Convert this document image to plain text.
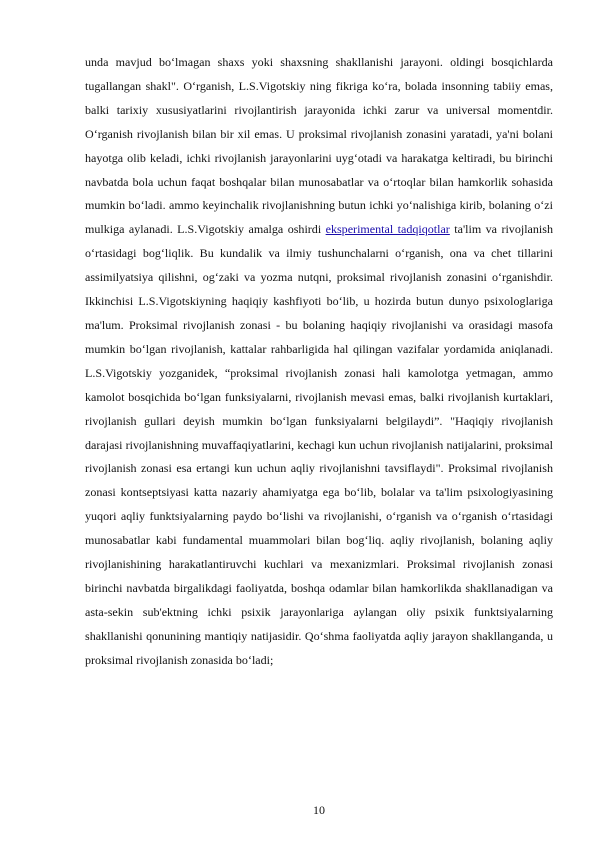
unda mavjud bo‘lmagan shaxs yoki shaxsning shakllanishi jarayoni. oldingi bosqichlarda tugallangan shakl". O‘rganish, L.S.Vigotskiy ning fikriga ko‘ra, bolada insonning tabiiy emas, balki tarixiy xususiyatlarini rivojlantirish jarayonida ichki zarur va universal momentdir. O‘rganish rivojlanish bilan bir xil emas. U proksimal rivojlanish zonasini yaratadi, ya'ni bolani hayotga olib keladi, ichki rivojlanish jarayonlarini uyg‘otadi va harakatga keltiradi, bu birinchi navbatda bola uchun faqat boshqalar bilan munosabatlar va o‘rtoqlar bilan hamkorlik sohasida mumkin bo‘ladi. ammo keyinchalik rivojlanishning butun ichki yo‘nalishiga kirib, bolaning o‘zi mulkiga aylanadi. L.S.Vigotskiy amalga oshirdi eksperimental tadqiqotlar ta'lim va rivojlanish o‘rtasidagi bog‘liqlik. Bu kundalik va ilmiy tushunchalarni o‘rganish, ona va chet tillarini assimilyatsiya qilishni, og‘zaki va yozma nutqni, proksimal rivojlanish zonasini o‘rganishdir. Ikkinchisi L.S.Vigotskiyning haqiqiy kashfiyoti bo‘lib, u hozirda butun dunyo psixologlariga ma'lum. Proksimal rivojlanish zonasi - bu bolaning haqiqiy rivojlanishi va orasidagi masofa mumkin bo‘lgan rivojlanish, kattalar rahbarligida hal qilingan vazifalar yordamida aniqlanadi. L.S.Vigotskiy yozganidek, “proksimal rivojlanish zonasi hali kamolotga yetmagan, ammo kamolot bosqichida bo‘lgan funksiyalarni, rivojlanish mevasi emas, balki rivojlanish kurtaklari, rivojlanish gullari deyish mumkin bo‘lgan funksiyalarni belgilaydi”. "Haqiqiy rivojlanish darajasi rivojlanishning muvaffaqiyatlarini, kechagi kun uchun rivojlanish natijalarini, proksimal rivojlanish zonasi esa ertangi kun uchun aqliy rivojlanishni tavsiflaydi". Proksimal rivojlanish zonasi kontseptsiyasi katta nazariy ahamiyatga ega bo‘lib, bolalar va ta'lim psixologiyasining yuqori aqliy funktsiyalarning paydo bo‘lishi va rivojlanishi, o‘rganish va o‘rganish o‘rtasidagi munosabatlar kabi fundamental muammolari bilan bog‘liq. aqliy rivojlanish, bolaning aqliy rivojlanishining harakatlantiruvchi kuchlari va mexanizmlari. Proksimal rivojlanish zonasi birinchi navbatda birgalikdagi faoliyatda, boshqa odamlar bilan hamkorlikda shakllanadigan va asta-sekin sub'ektning ichki psixik jarayonlariga aylangan oliy psixik funktsiyalarning shakllanishi qonunining mantiqiy natijasidir. Qo‘shma faoliyatda aqliy jarayon shakllanganda, u proksimal rivojlanish zonasida bo‘ladi;

10
